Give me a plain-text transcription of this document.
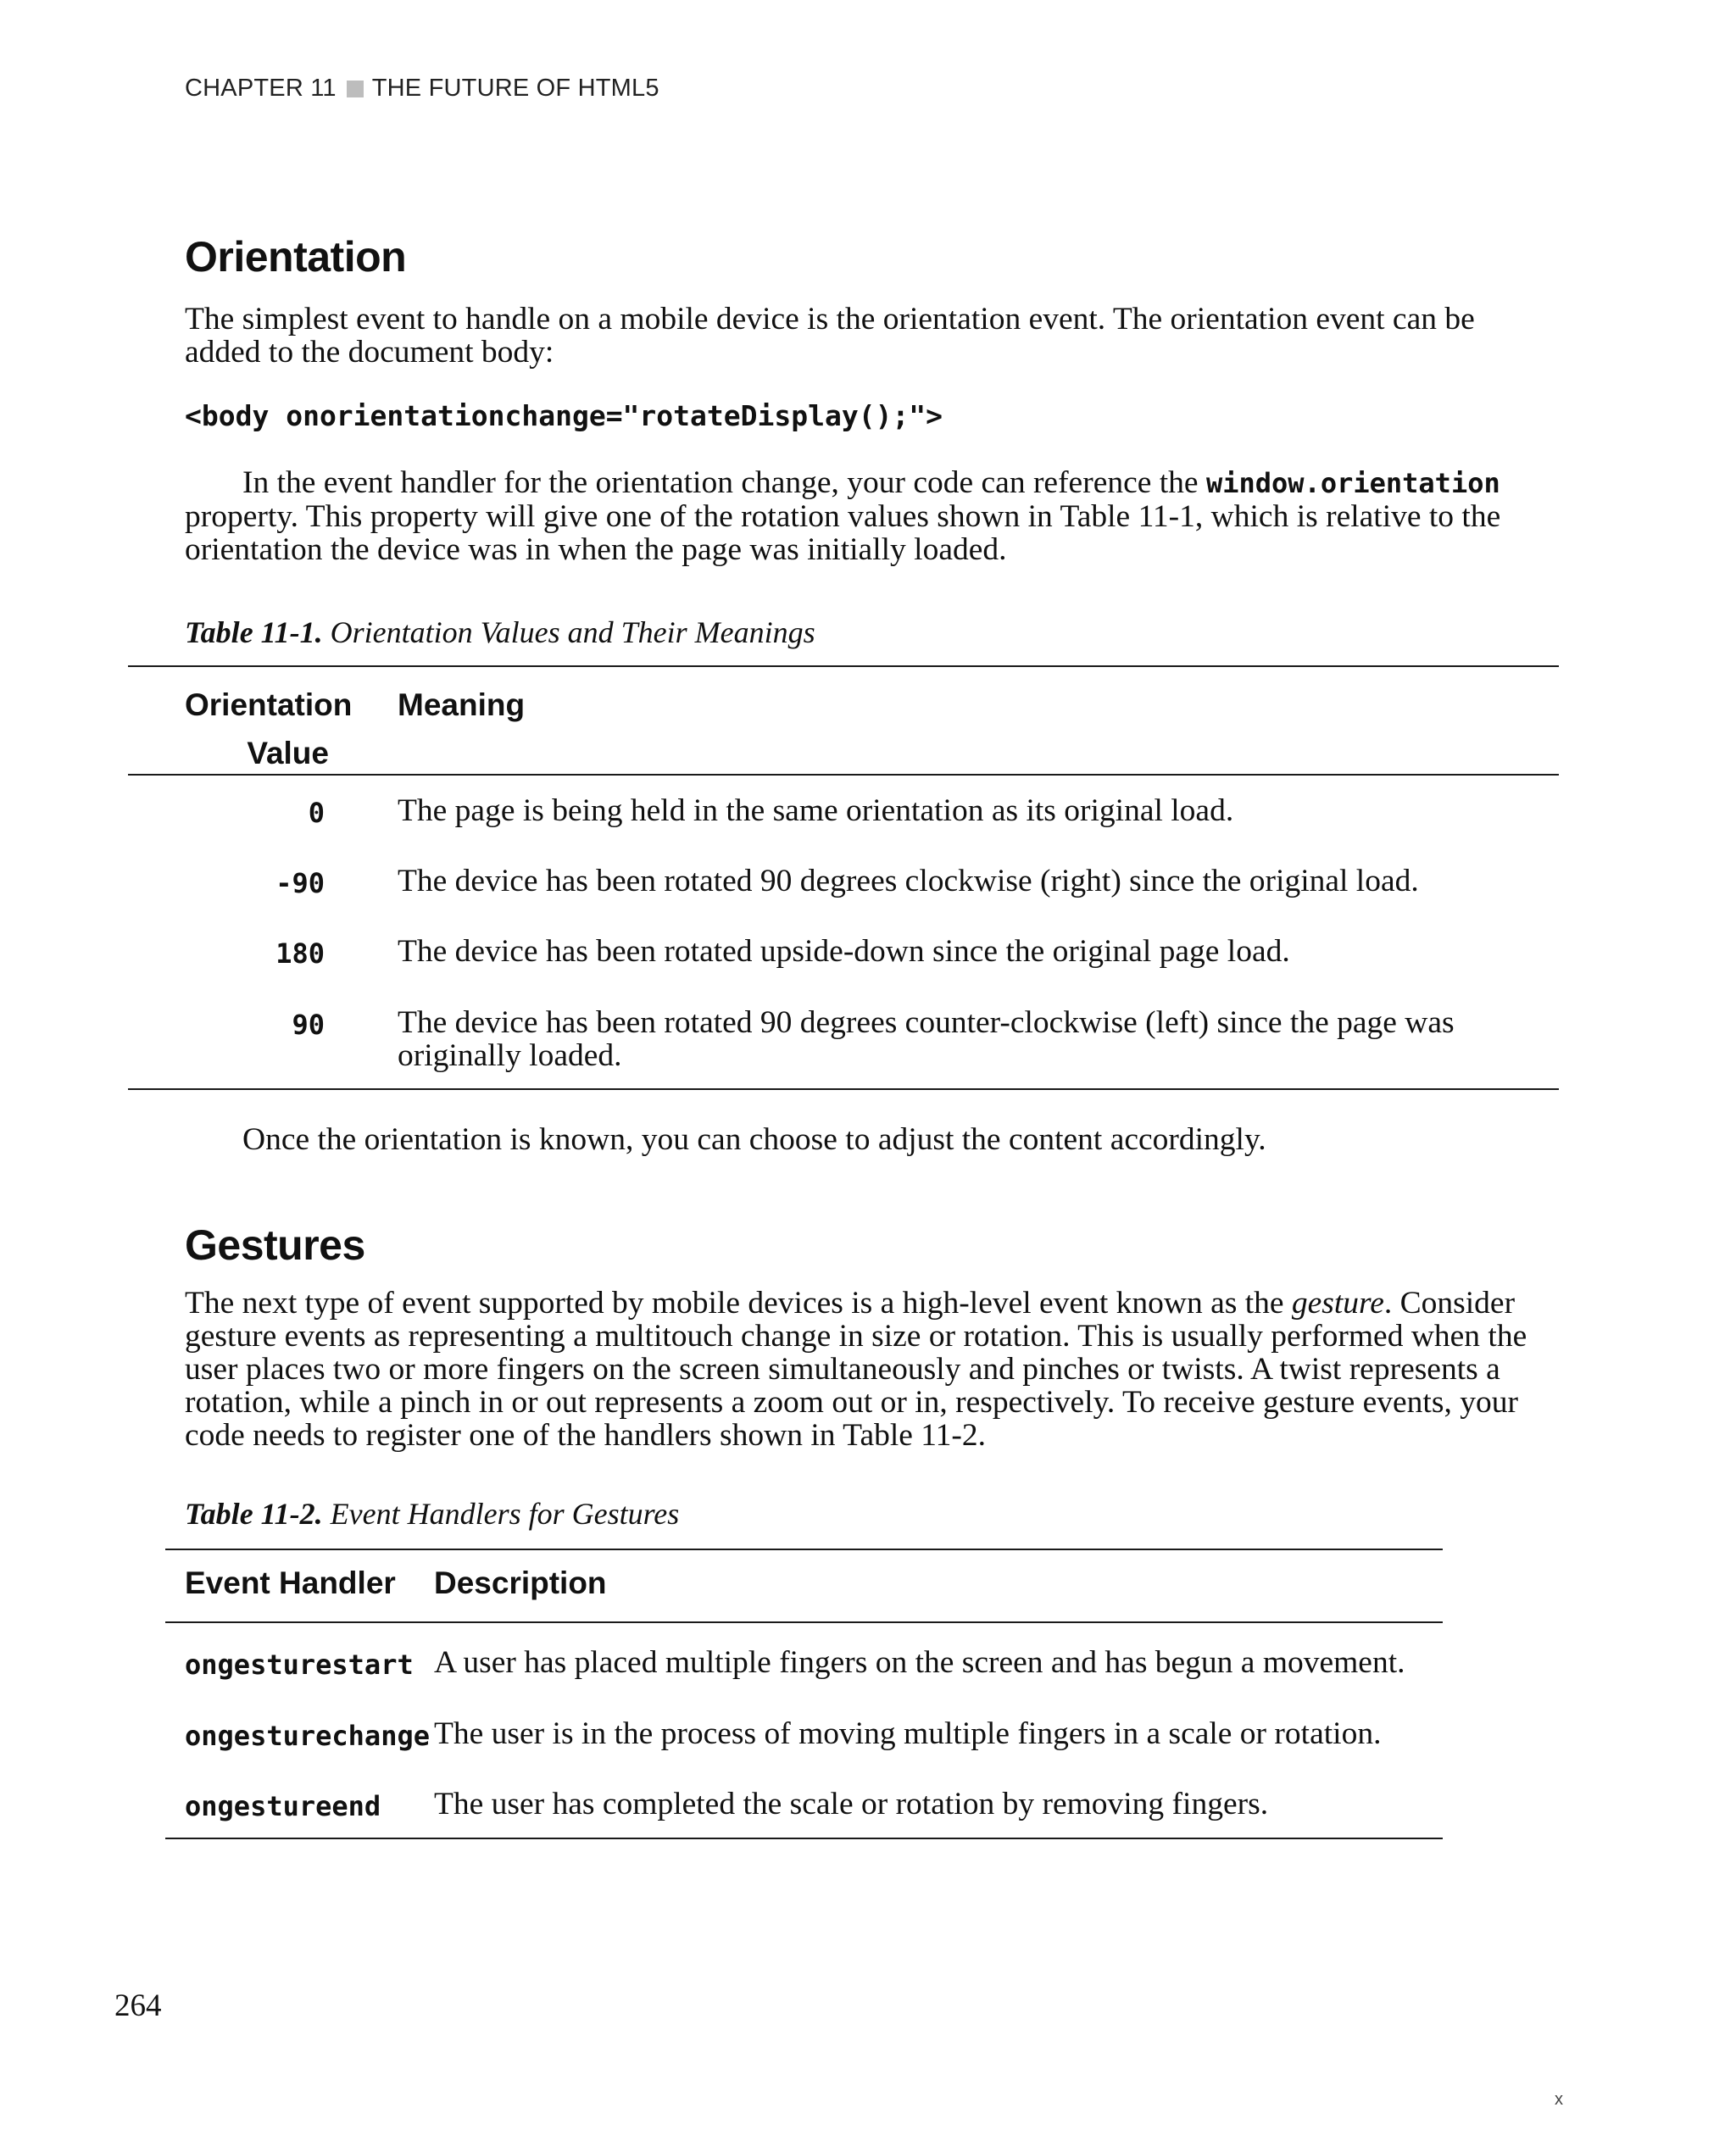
CHAPTER 11 THE FUTURE OF HTML5
Orientation
The simplest event to handle on a mobile device is the orientation event. The orientation event can be added to the document body:
<body onorientationchange="rotateDisplay();">
In the event handler for the orientation change, your code can reference the window.orientation property. This property will give one of the rotation values shown in Table 11-1, which is relative to the orientation the device was in when the page was initially loaded.
Table 11-1. Orientation Values and Their Meanings
Orientation Value
Meaning
0 The page is being held in the same orientation as its original load.
-90 The device has been rotated 90 degrees clockwise (right) since the original load.
180 The device has been rotated upside-down since the original page load.
90 The device has been rotated 90 degrees counter-clockwise (left) since the page was originally loaded.
Once the orientation is known, you can choose to adjust the content accordingly.
Gestures
The next type of event supported by mobile devices is a high-level event known as the gesture. Consider gesture events as representing a multitouch change in size or rotation. This is usually performed when the user places two or more fingers on the screen simultaneously and pinches or twists. A twist represents a rotation, while a pinch in or out represents a zoom out or in, respectively. To receive gesture events, your code needs to register one of the handlers shown in Table 11-2.
Table 11-2. Event Handlers for Gestures
Event Handler Description
ongesturestart A user has placed multiple fingers on the screen and has begun a movement.
ongesturechange The user is in the process of moving multiple fingers in a scale or rotation.
ongestureend The user has completed the scale or rotation by removing fingers.
264
x
